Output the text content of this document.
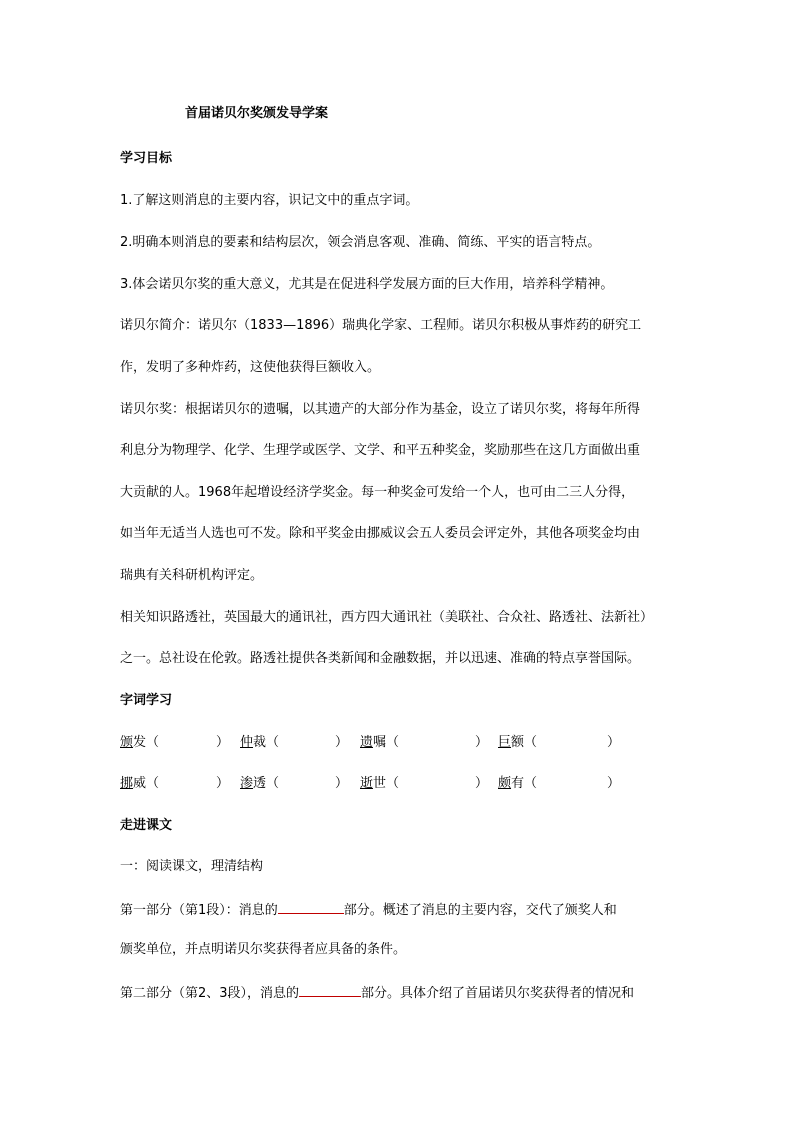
首届诺贝尔奖颁发导学案
学习目标
1.了解这则消息的主要内容，识记文中的重点字词。
2.明确本则消息的要素和结构层次，领会消息客观、准确、简练、平实的语言特点。
3.体会诺贝尔奖的重大意义，尤其是在促进科学发展方面的巨大作用，培养科学精神。
诺贝尔简介：诺贝尔（1833—1896）瑞典化学家、工程师。诺贝尔积极从事炸药的研究工
作，发明了多种炸药，这使他获得巨额收入。
诺贝尔奖：根据诺贝尔的遗嘱，以其遗产的大部分作为基金，设立了诺贝尔奖，将每年所得
利息分为物理学、化学、生理学或医学、文学、和平五种奖金，奖励那些在这几方面做出重
大贡献的人。1968年起增设经济学奖金。每一种奖金可发给一个人，也可由二三人分得，
如当年无适当人选也可不发。除和平奖金由挪威议会五人委员会评定外，其他各项奖金均由
瑞典有关科研机构评定。
相关知识路透社，英国最大的通讯社，西方四大通讯社（美联社、合众社、路透社、法新社）
之一。总社设在伦敦。路透社提供各类新闻和金融数据，并以迅速、准确的特点享誉国际。
字词学习
颁发（	） 仲裁（	） 遗嘱（	） 巨额（	）
挪威（	） 渗透（	） 逝世（	） 颇有（	）
走进课文
一：阅读课文，理清结构
第一部分（第1段）：消息的	部分。概述了消息的主要内容，交代了颁奖人和
颁奖单位，并点明诺贝尔奖获得者应具备的条件。
第二部分（第2、3段），消息的	部分。具体介绍了首届诺贝尔奖获得者的情况和
